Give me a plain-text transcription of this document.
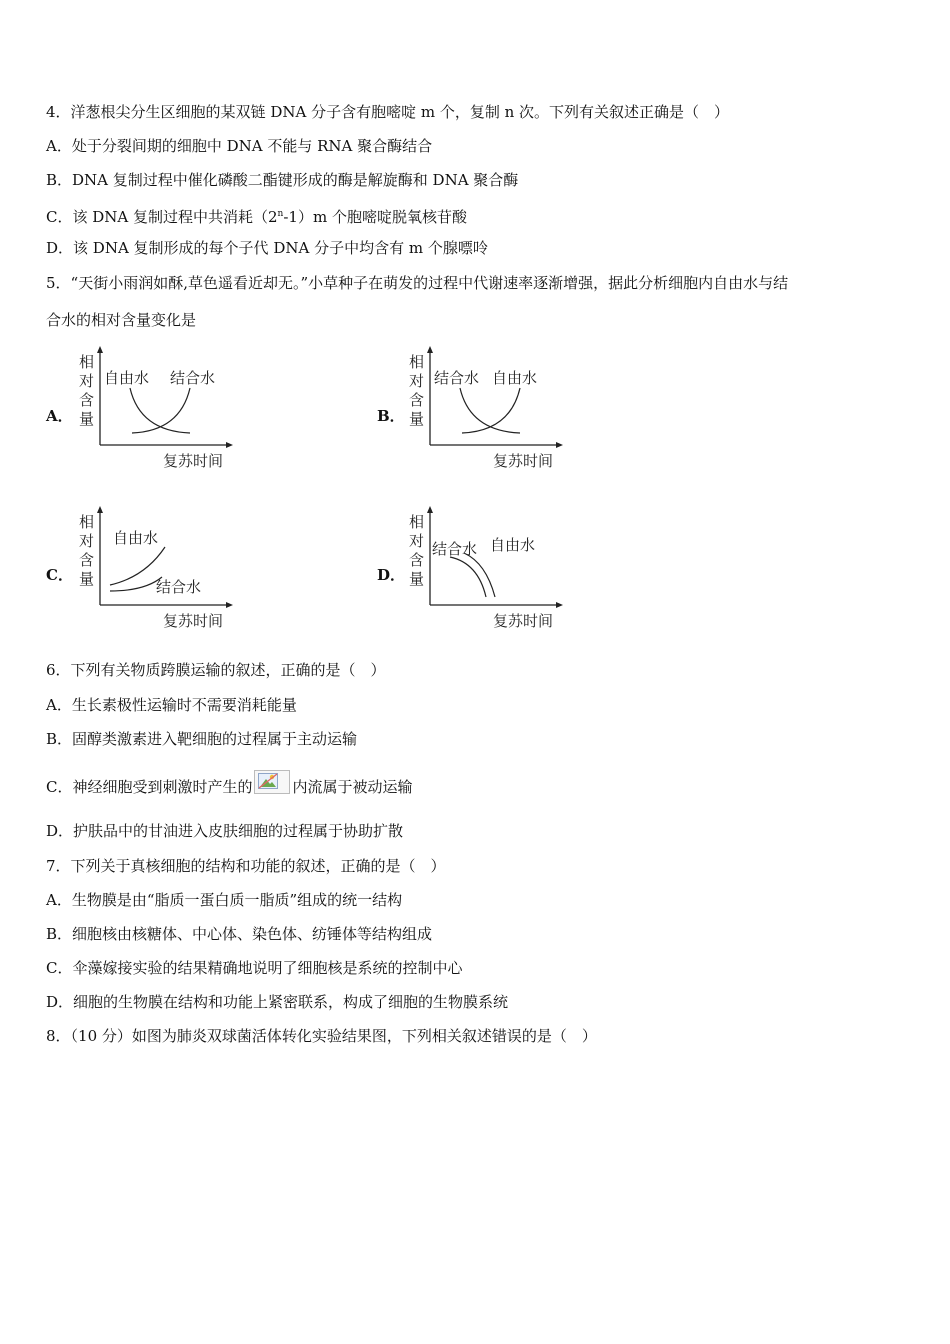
4．洋葱根尖分生区细胞的某双链 DNA 分子含有胞嘧啶 m 个，复制 n 次。下列有关叙述正确是（　）
A．处于分裂间期的细胞中 DNA 不能与 RNA 聚合酶结合
B．DNA 复制过程中催化磷酸二酯键形成的酶是解旋酶和 DNA 聚合酶
C．该 DNA 复制过程中共消耗（2$^n$-1）m 个胞嘧啶脱氧核苷酸
D．该 DNA 复制形成的每个子代 DNA 分子中均含有 m 个腺嘌呤
5．“天街小雨润如酥,草色遥看近却无。”小草种子在萌发的过程中代谢速率逐渐增强，据此分析细胞内自由水与结
合水的相对含量变化是
A．
相
对
含
量
自由水 结合水
复苏时间
B．
相
对
含
量
结合水 自由水
复苏时间
C．
相
对
含
量
自由水
结合水
复苏时间
D．
相
对
含
量
结合水 自由水
复苏时间
6．下列有关物质跨膜运输的叙述，正确的是（　）
A．生长素极性运输时不需要消耗能量
B．固醇类激素进入靶细胞的过程属于主动运输
C．神经细胞受到刺激时产生的	内流属于被动运输
D．护肤品中的甘油进入皮肤细胞的过程属于协助扩散
7．下列关于真核细胞的结构和功能的叙述，正确的是（　）
A．生物膜是由“脂质一蛋白质一脂质”组成的统一结构
B．细胞核由核糖体、中心体、染色体、纺锤体等结构组成
C．伞藻嫁接实验的结果精确地说明了细胞核是系统的控制中心
D．细胞的生物膜在结构和功能上紧密联系，构成了细胞的生物膜系统
8．（10 分）如图为肺炎双球菌活体转化实验结果图，下列相关叙述错误的是（　）
